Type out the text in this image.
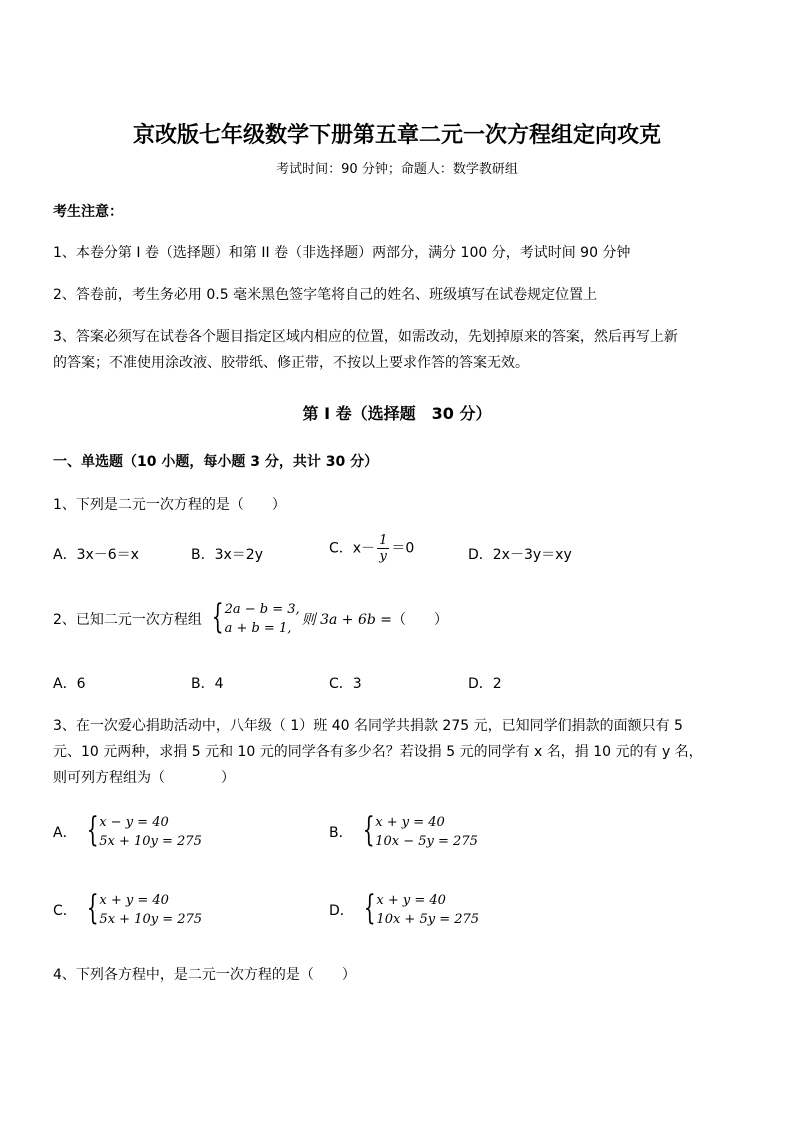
京改版七年级数学下册第五章二元一次方程组定向攻克
考试时间：90 分钟；命题人：数学教研组
考生注意：
1、本卷分第 I 卷（选择题）和第 II 卷（非选择题）两部分，满分 100 分，考试时间 90 分钟
2、答卷前，考生务必用 0.5 毫米黑色签字笔将自己的姓名、班级填写在试卷规定位置上
3、答案必须写在试卷各个题目指定区域内相应的位置，如需改动，先划掉原来的答案，然后再写上新
的答案；不准使用涂改液、胶带纸、修正带，不按以上要求作答的答案无效。
第 I 卷（选择题　30 分）
一、单选题（10 小题，每小题 3 分，共计 30 分）
1、下列是二元一次方程的是（　　）
A．3x－6＝x	B．3x＝2y	C．$x- \frac{1}{y} =0$	D．2x－3y＝xy
2、已知二元一次方程组 { 2a − b = 3,
a + b = 1,
则 3a + 6b = （　　）
A．6	B．4	C．3	D．2
3、在一次爱心捐助活动中，八年级（ 1）班 40 名同学共捐款 275 元，已知同学们捐款的面额只有 5
元、10 元两种，求捐 5 元和 10 元的同学各有多少名？若设捐 5 元的同学有 x 名，捐 10 元的有 y 名，
则可列方程组为（　　　　）
A． { x − y = 40
5x + 10y = 275
B． { x + y = 40
10x − 5y = 275
C． { x + y = 40
5x + 10y = 275
D． { x + y = 40
10x + 5y = 275
4、下列各方程中，是二元一次方程的是（　　）
